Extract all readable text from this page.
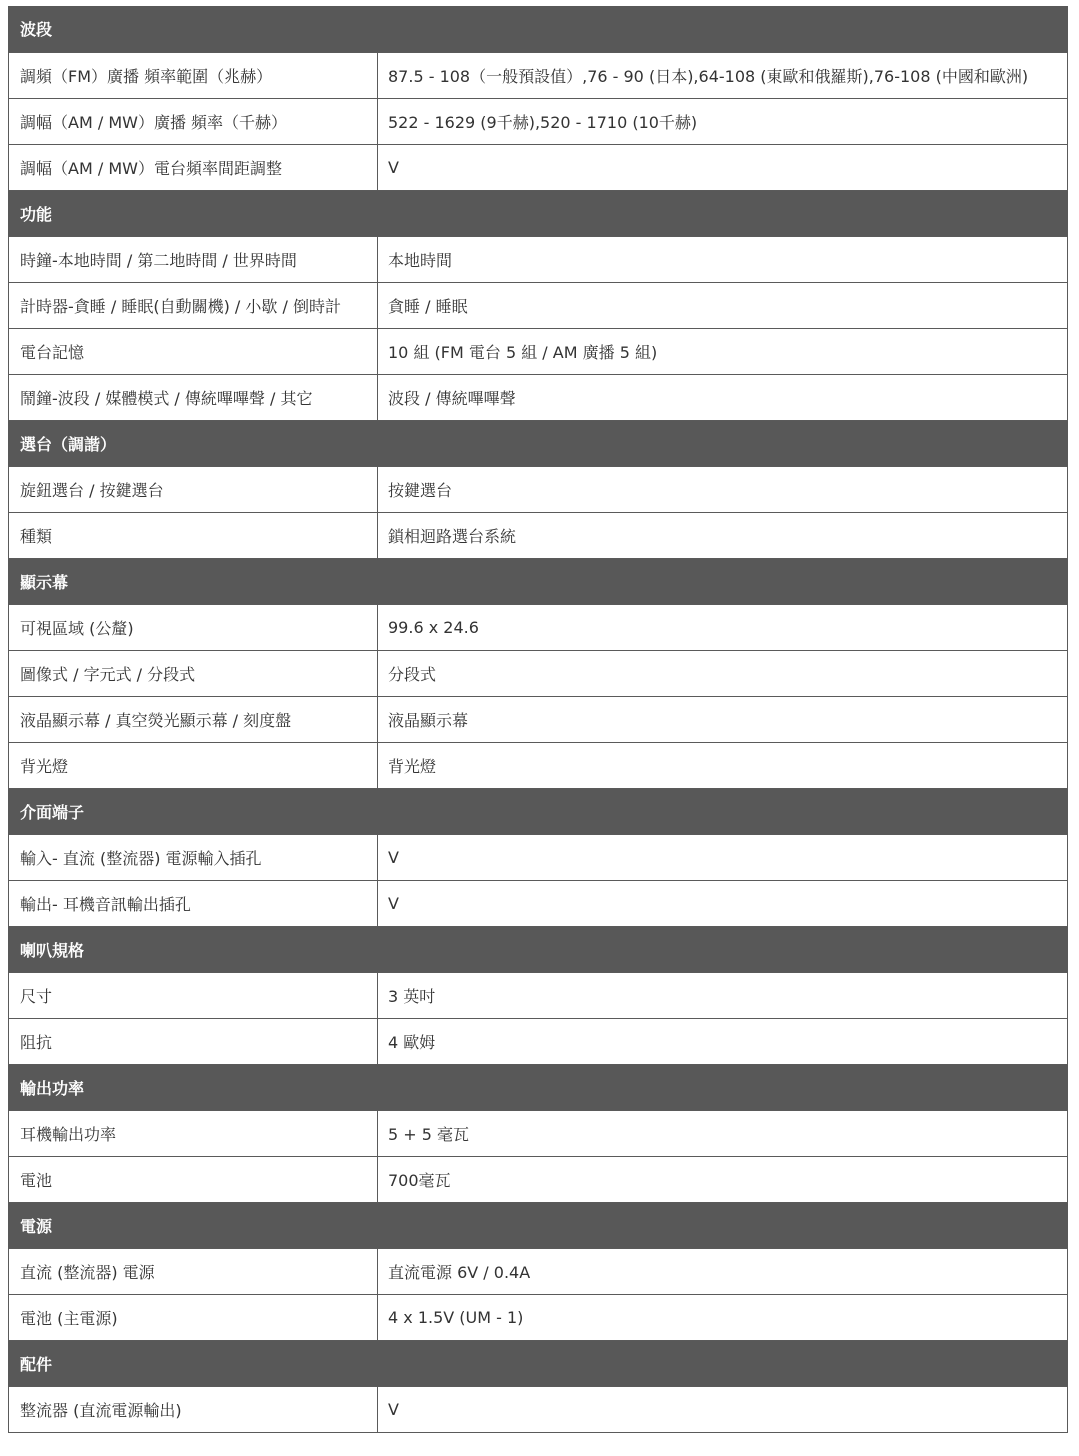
波段	
調頻（FM）廣播 頻率範圍（兆赫）	87.5 - 108（一般預設值）,76 - 90 (日本),64-108 (東歐和俄羅斯),76-108 (中國和歐洲)
調幅（AM / MW）廣播 頻率（千赫）	522 - 1629 (9千赫),520 - 1710 (10千赫)
調幅（AM / MW）電台頻率間距調整	V
功能	
時鐘-本地時間 / 第二地時間 / 世界時間	本地時間
計時器-貪睡 / 睡眠(自動關機) / 小歇 / 倒時計	貪睡 / 睡眠
電台記憶	10 組 (FM 電台 5 組 / AM 廣播 5 組)
鬧鐘-波段 / 媒體模式 / 傳統嗶嗶聲 / 其它	波段 / 傳統嗶嗶聲
選台（調諧）	
旋鈕選台 / 按鍵選台	按鍵選台
種類	鎖相迴路選台系統
顯示幕	
可視區域 (公釐)	99.6 x 24.6
圖像式 / 字元式 / 分段式	分段式
液晶顯示幕 / 真空熒光顯示幕 / 刻度盤	液晶顯示幕
背光燈	背光燈
介面端子	
輸入- 直流 (整流器) 電源輸入插孔	V
輸出- 耳機音訊輸出插孔	V
喇叭規格	
尺寸	3 英吋
阻抗	4 歐姆
輸出功率	
耳機輸出功率	5 + 5 毫瓦
電池	700毫瓦
電源	
直流 (整流器) 電源	直流電源 6V / 0.4A
電池 (主電源)	4 x 1.5V (UM - 1)
配件	
整流器 (直流電源輸出)	V
